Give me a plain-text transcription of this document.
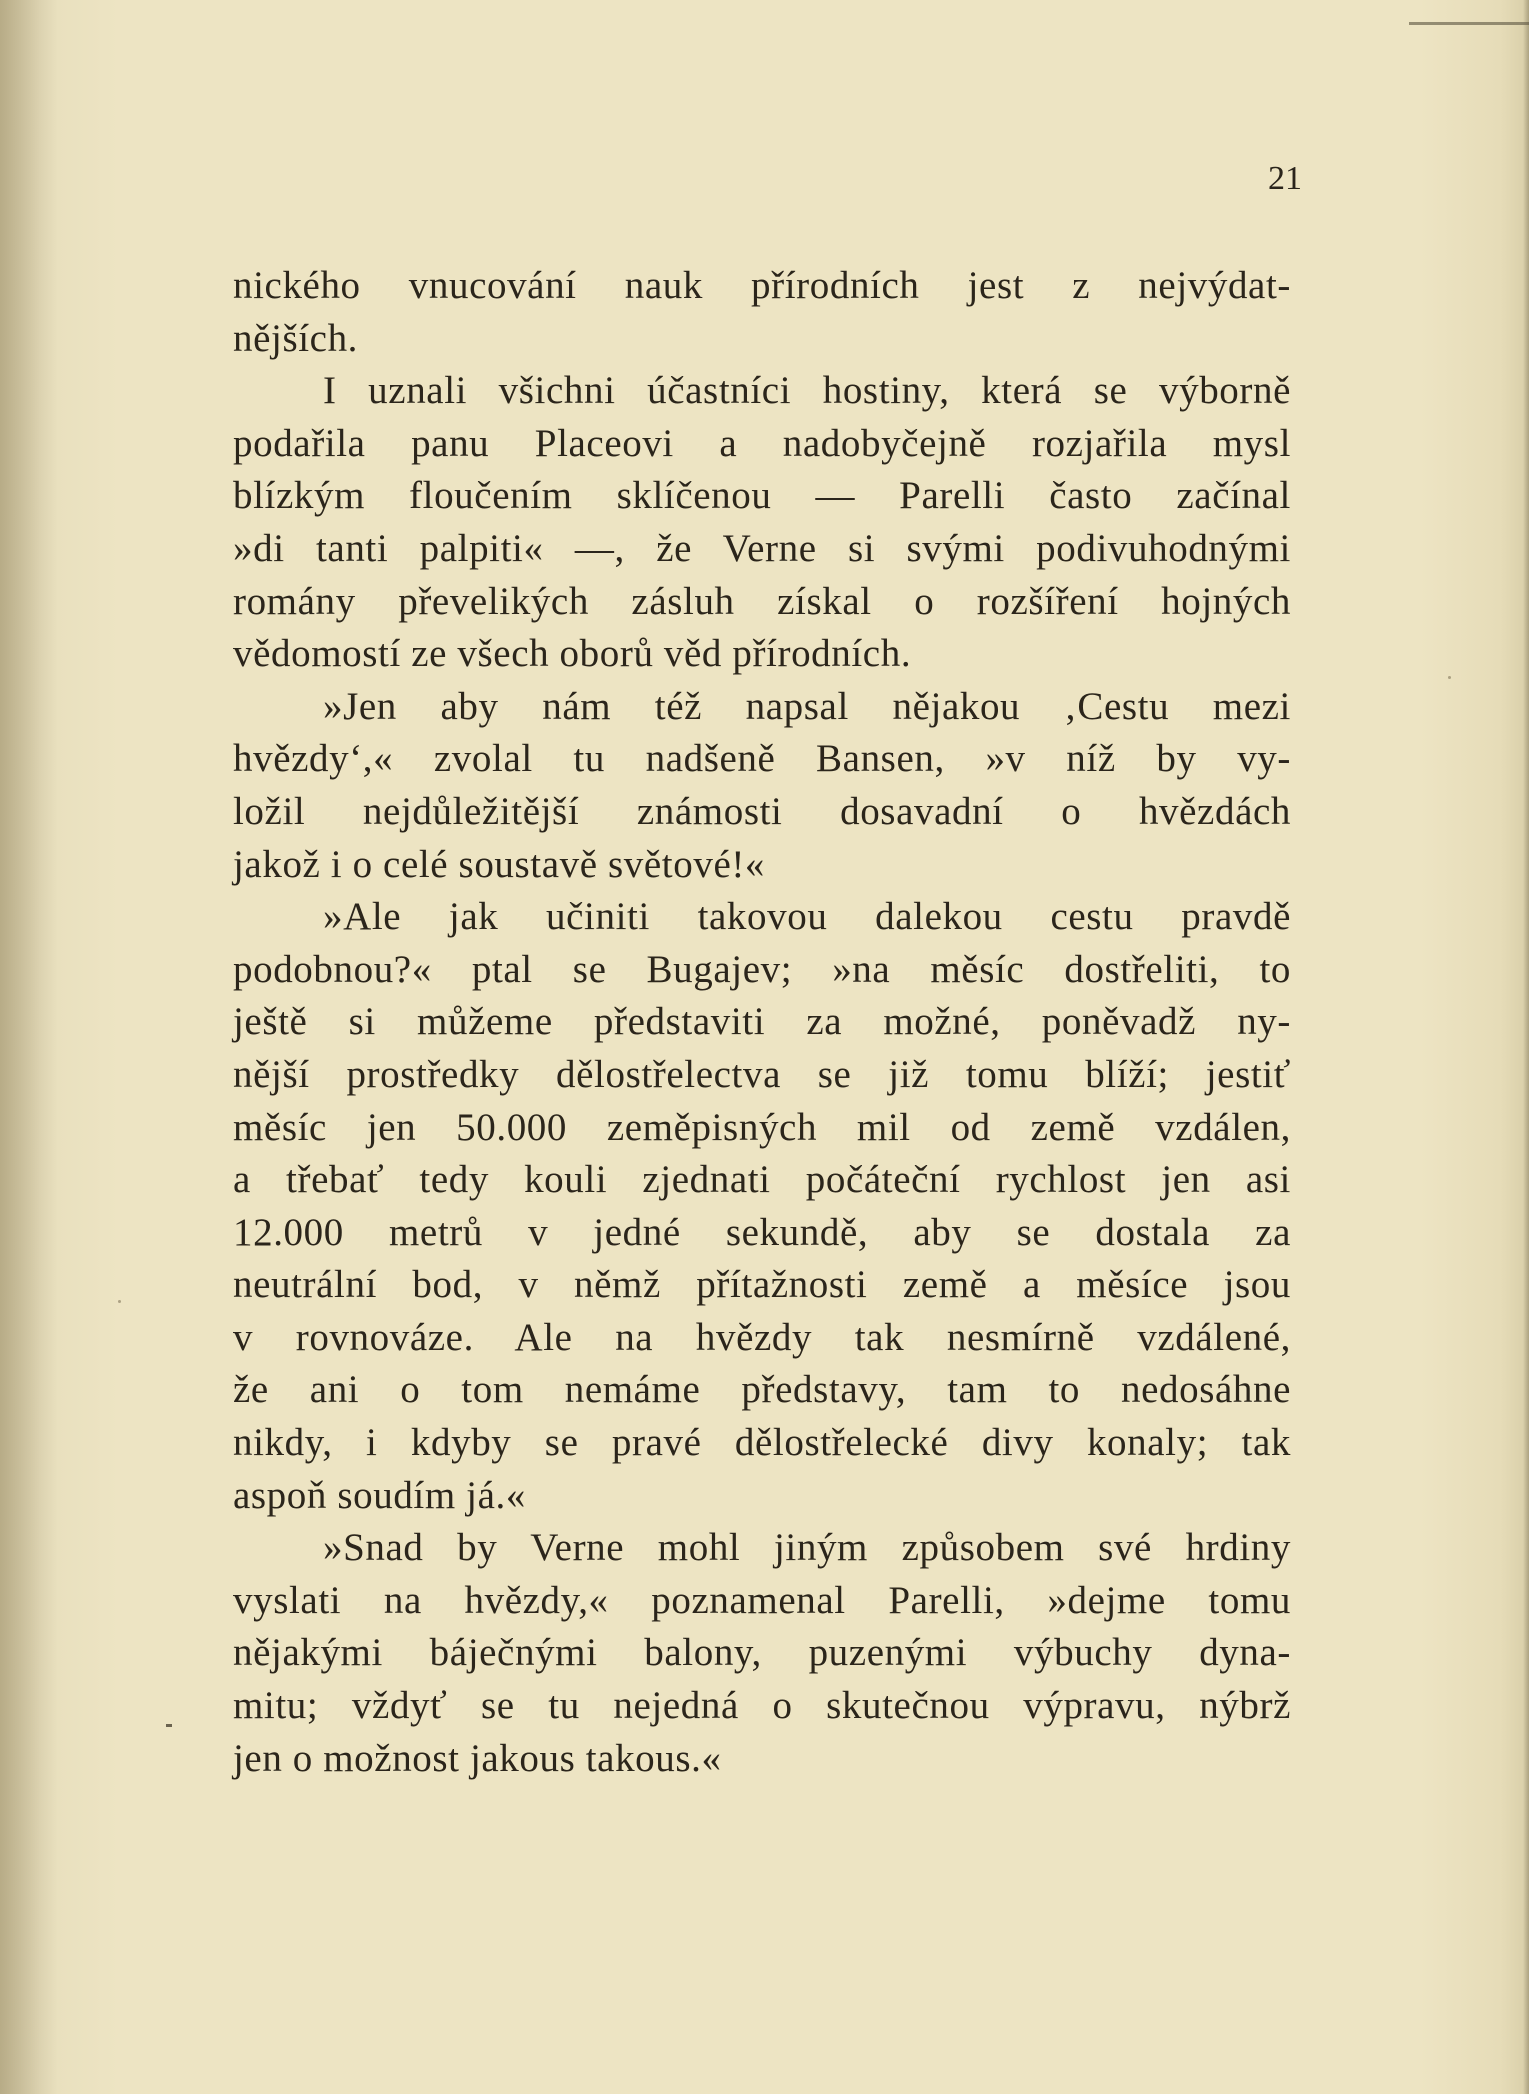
21
nického vnucování nauk přírodních jest z nejvýdat-
nějších.
I uznali všichni účastníci hostiny, která se výborně
podařila panu Placeovi a nadobyčejně rozjařila mysl
blízkým floučením sklíčenou — Parelli často začínal
»di tanti palpiti« —, že Verne si svými podivuhodnými
romány převelikých zásluh získal o rozšíření hojných
vědomostí ze všech oborů věd přírodních.
»Jen aby nám též napsal nějakou ‚Cestu mezi
hvězdy‘,« zvolal tu nadšeně Bansen, »v níž by vy-
ložil nejdůležitější známosti dosavadní o hvězdách
jakož i o celé soustavě světové!«
»Ale jak učiniti takovou dalekou cestu pravdě
podobnou?« ptal se Bugajev; »na měsíc dostřeliti, to
ještě si můžeme představiti za možné, poněvadž ny-
nější prostředky dělostřelectva se již tomu blíží; jestiť
měsíc jen 50.000 zeměpisných mil od země vzdálen,
a třebať tedy kouli zjednati počáteční rychlost jen asi
12.000 metrů v jedné sekundě, aby se dostala za
neutrální bod, v němž přítažnosti země a měsíce jsou
v rovnováze. Ale na hvězdy tak nesmírně vzdálené,
že ani o tom nemáme představy, tam to nedosáhne
nikdy, i kdyby se pravé dělostřelecké divy konaly; tak
aspoň soudím já.«
»Snad by Verne mohl jiným způsobem své hrdiny
vyslati na hvězdy,« poznamenal Parelli, »dejme tomu
nějakými báječnými balony, puzenými výbuchy dyna-
mitu; vždyť se tu nejedná o skutečnou výpravu, nýbrž
jen o možnost jakous takous.«
